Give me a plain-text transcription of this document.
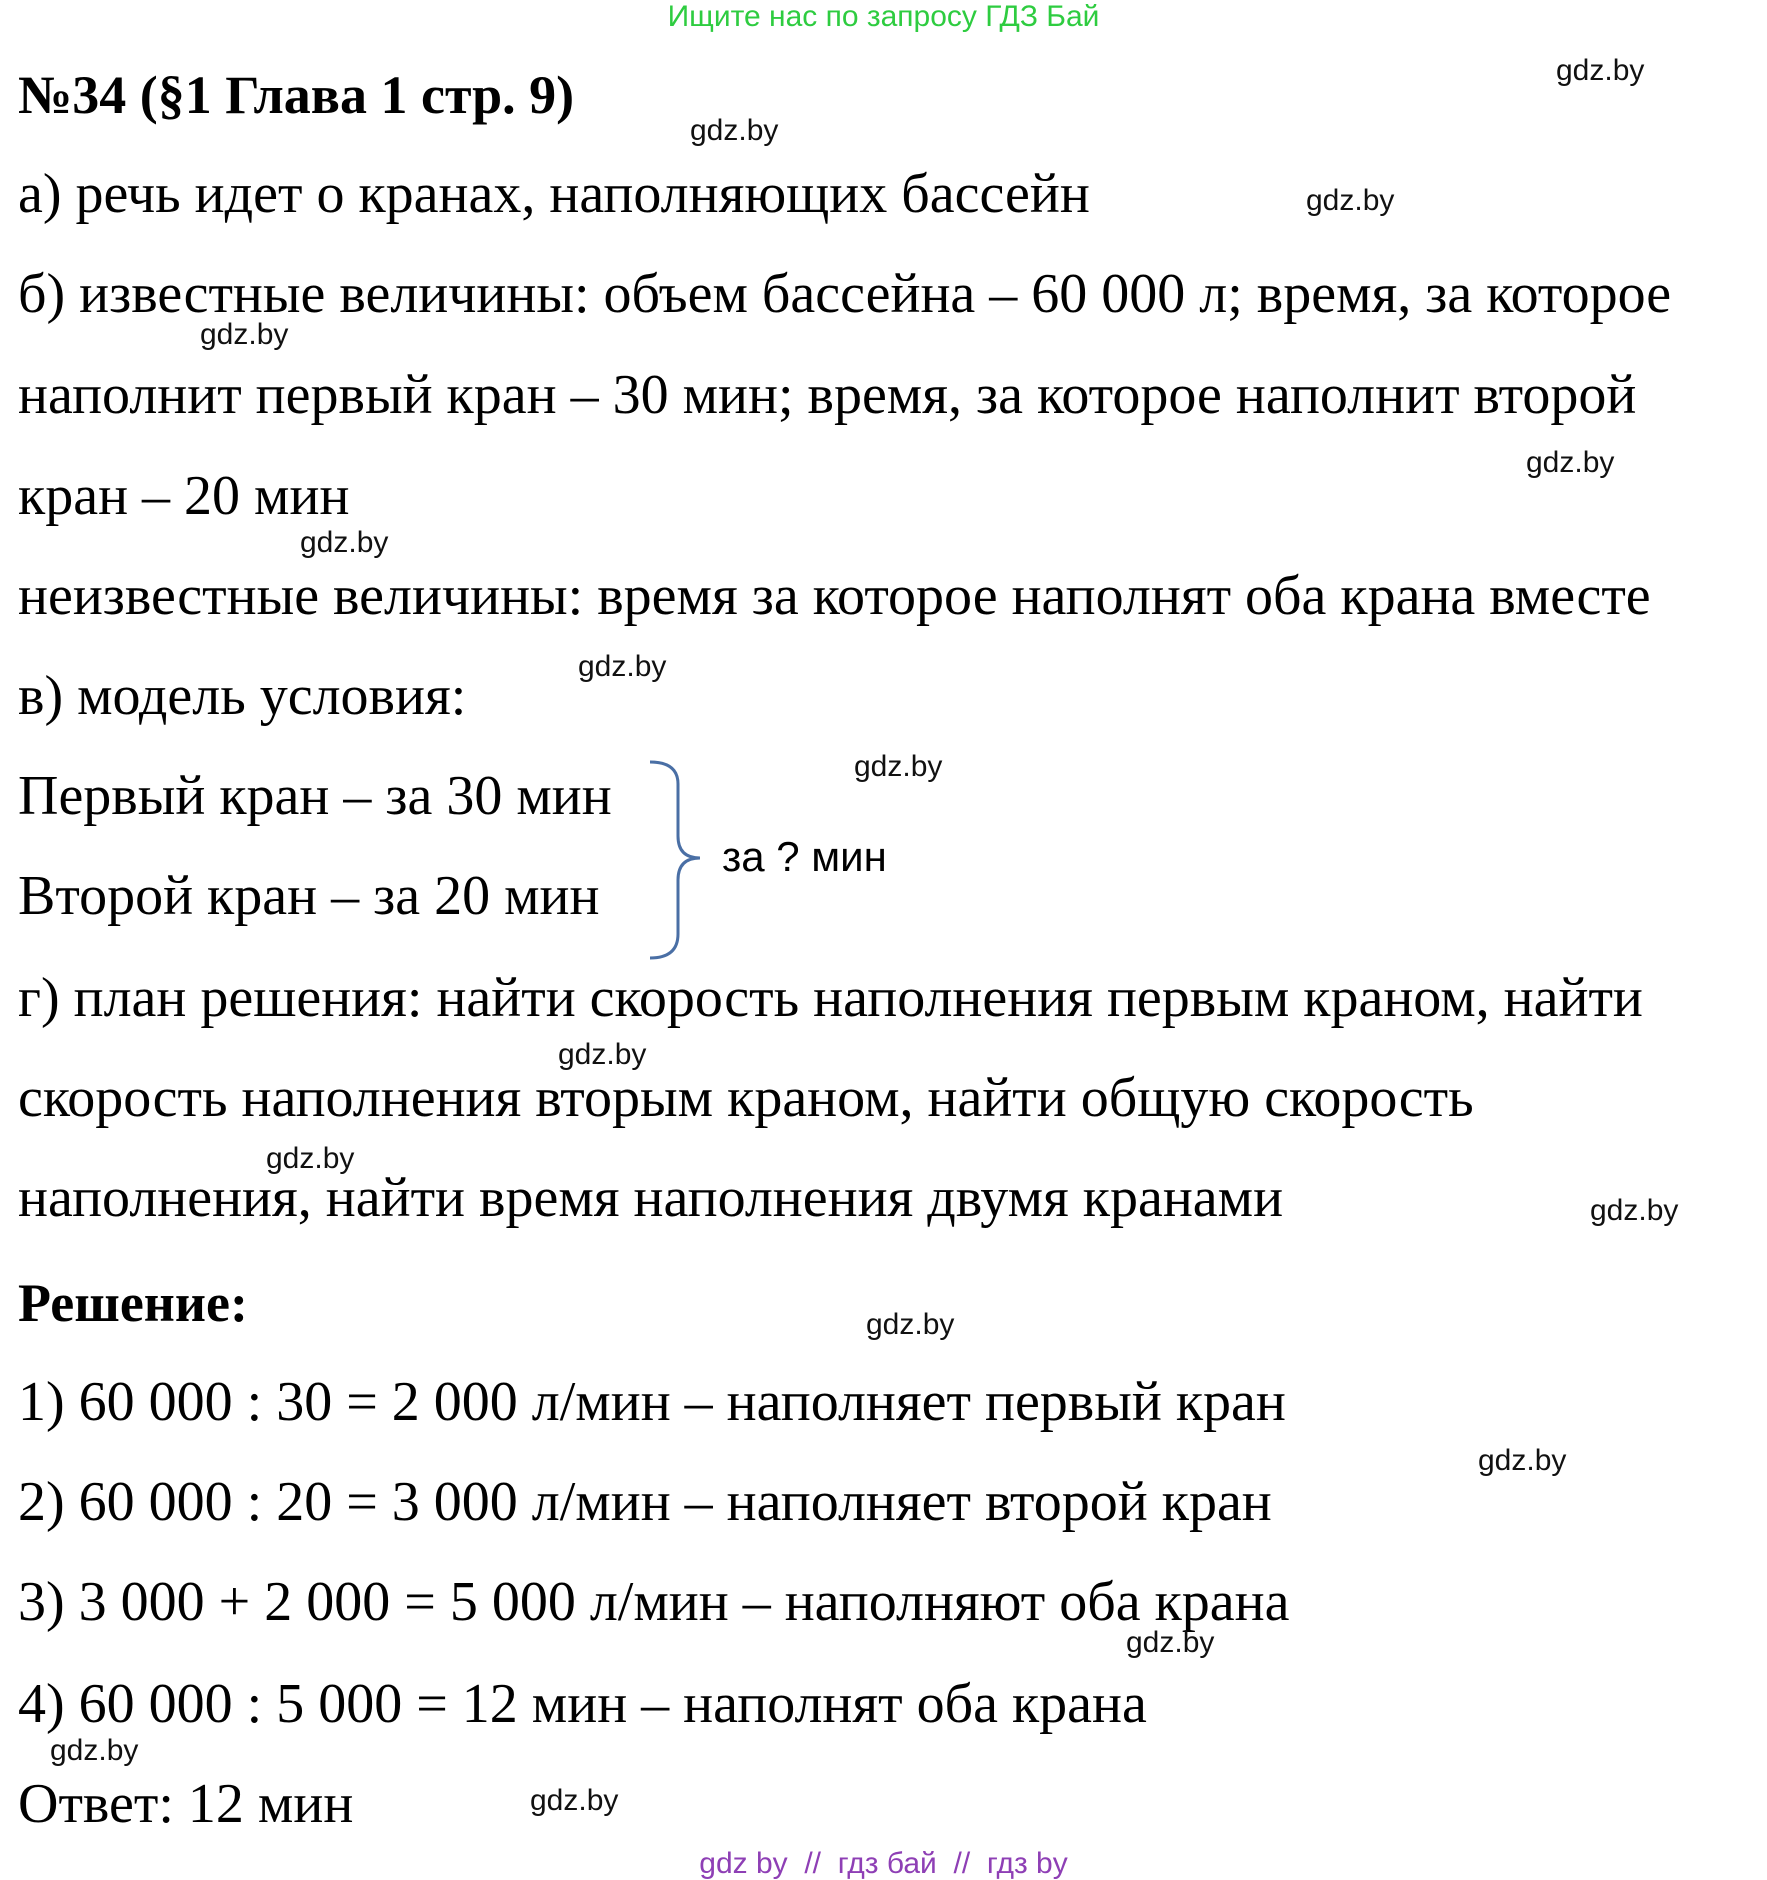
Ищите нас по запросу ГДЗ Бай
№34 (§1 Глава 1 стр. 9)
а) речь идет о кранах, наполняющих бассейн
б) известные величины: объем бассейна – 60 000 л; время, за которое
наполнит первый кран – 30 мин; время, за которое наполнит второй
кран – 20 мин
неизвестные величины: время за которое наполнят оба крана вместе
в) модель условия:
Первый кран – за 30 мин
Второй кран – за 20 мин
за ? мин
г) план решения: найти скорость наполнения первым краном, найти
скорость наполнения вторым краном, найти общую скорость
наполнения, найти время наполнения двумя кранами
Решение:
1) 60 000 : 30 = 2 000 л/мин – наполняет первый кран
2) 60 000 : 20 = 3 000 л/мин – наполняет второй кран
3) 3 000 + 2 000 = 5 000 л/мин – наполняют оба крана
4) 60 000 : 5 000 = 12 мин – наполнят оба крана
Ответ: 12 мин
gdz.by
gdz.by
gdz.by
gdz.by
gdz.by
gdz.by
gdz.by
gdz.by
gdz.by
gdz.by
gdz.by
gdz.by
gdz.by
gdz.by
gdz.by
gdz.by
gdz by // гдз бай // гдз by
